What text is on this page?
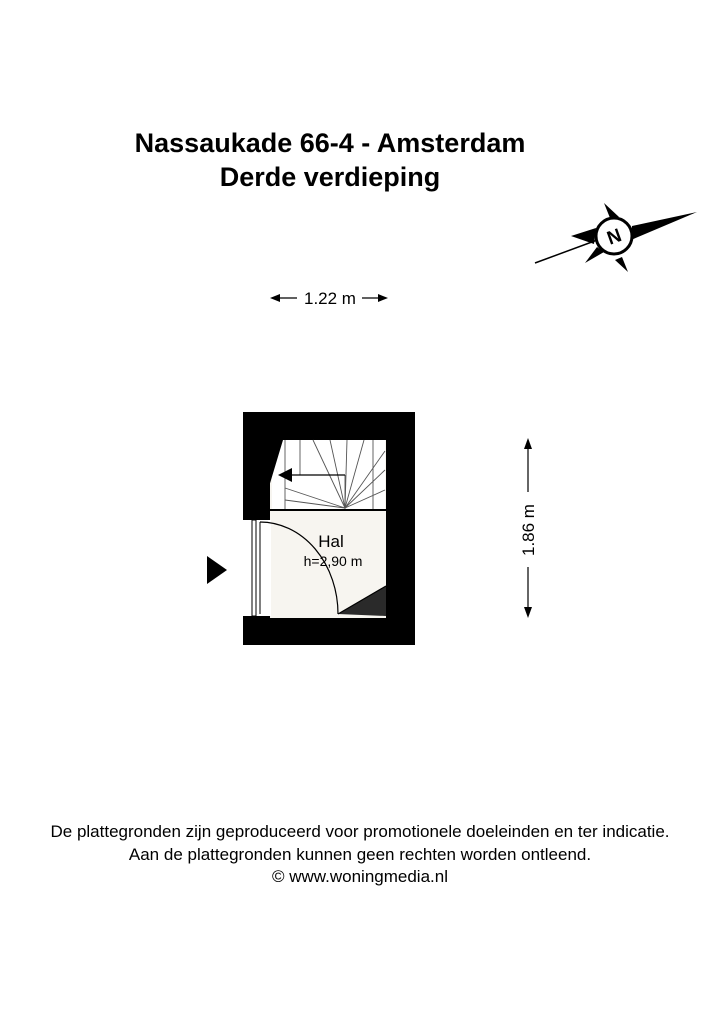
Nassaukade 66-4 - Amsterdam
Derde verdieping
N
1.22 m
1.86 m
Hal
h=2,90 m
De plattegronden zijn geproduceerd voor promotionele doeleinden en ter indicatie.
Aan de plattegronden kunnen geen rechten worden ontleend.
© www.woningmedia.nl
